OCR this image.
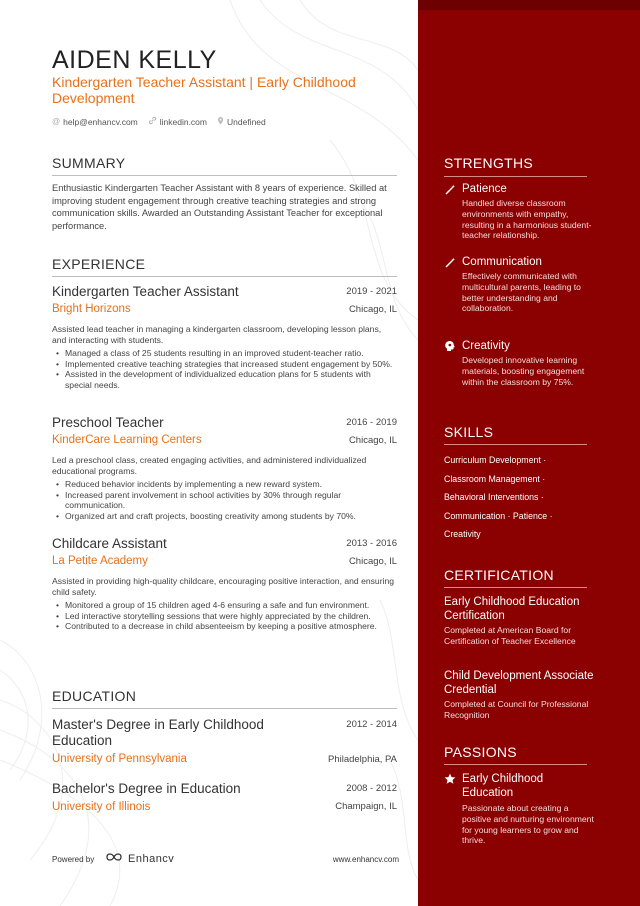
AIDEN KELLY
Kindergarten Teacher Assistant | Early Childhood Development
@ help@enhancv.com	linkedin.com Undefined
SUMMARY
Enthusiastic Kindergarten Teacher Assistant with 8 years of experience. Skilled at improving student engagement through creative teaching strategies and strong communication skills. Awarded an Outstanding Assistant Teacher for exceptional performance.
EXPERIENCE
Kindergarten Teacher Assistant	2019 - 2021
Bright Horizons	Chicago, IL
Assisted lead teacher in managing a kindergarten classroom, developing lesson plans, and interacting with students.
• Managed a class of 25 students resulting in an improved student-teacher ratio.
• Implemented creative teaching strategies that increased student engagement by 50%.
• Assisted in the development of individualized education plans for 5 students with special needs.
Preschool Teacher	2016 - 2019
KinderCare Learning Centers	Chicago, IL
Led a preschool class, created engaging activities, and administered individualized educational programs.
• Reduced behavior incidents by implementing a new reward system.
• Increased parent involvement in school activities by 30% through regular communication.
• Organized art and craft projects, boosting creativity among students by 70%.
Childcare Assistant	2013 - 2016
La Petite Academy	Chicago, IL
Assisted in providing high-quality childcare, encouraging positive interaction, and ensuring child safety.
• Monitored a group of 15 children aged 4-6 ensuring a safe and fun environment.
• Led interactive storytelling sessions that were highly appreciated by the children.
• Contributed to a decrease in child absenteeism by keeping a positive atmosphere.
EDUCATION
Master's Degree in Early Childhood Education
2012 - 2014
University of Pennsylvania	Philadelphia, PA
Bachelor's Degree in Education	2008 - 2012
University of Illinois	Champaign, IL
Powered by	Enhancv	www.enhancv.com
STRENGTHS
Patience
Handled diverse classroom environments with empathy, resulting in a harmonious student-teacher relationship.
Communication
Effectively communicated with multicultural parents, leading to better understanding and collaboration.
Creativity
Developed innovative learning materials, boosting engagement within the classroom by 75%.
SKILLS
Curriculum Development ·
Classroom Management ·
Behavioral Interventions ·
Communication · Patience ·
Creativity
CERTIFICATION
Early Childhood Education Certification
Completed at American Board for Certification of Teacher Excellence
Child Development Associate Credential
Completed at Council for Professional Recognition
PASSIONS
Early Childhood Education
Passionate about creating a positive and nurturing environment for young learners to grow and thrive.
